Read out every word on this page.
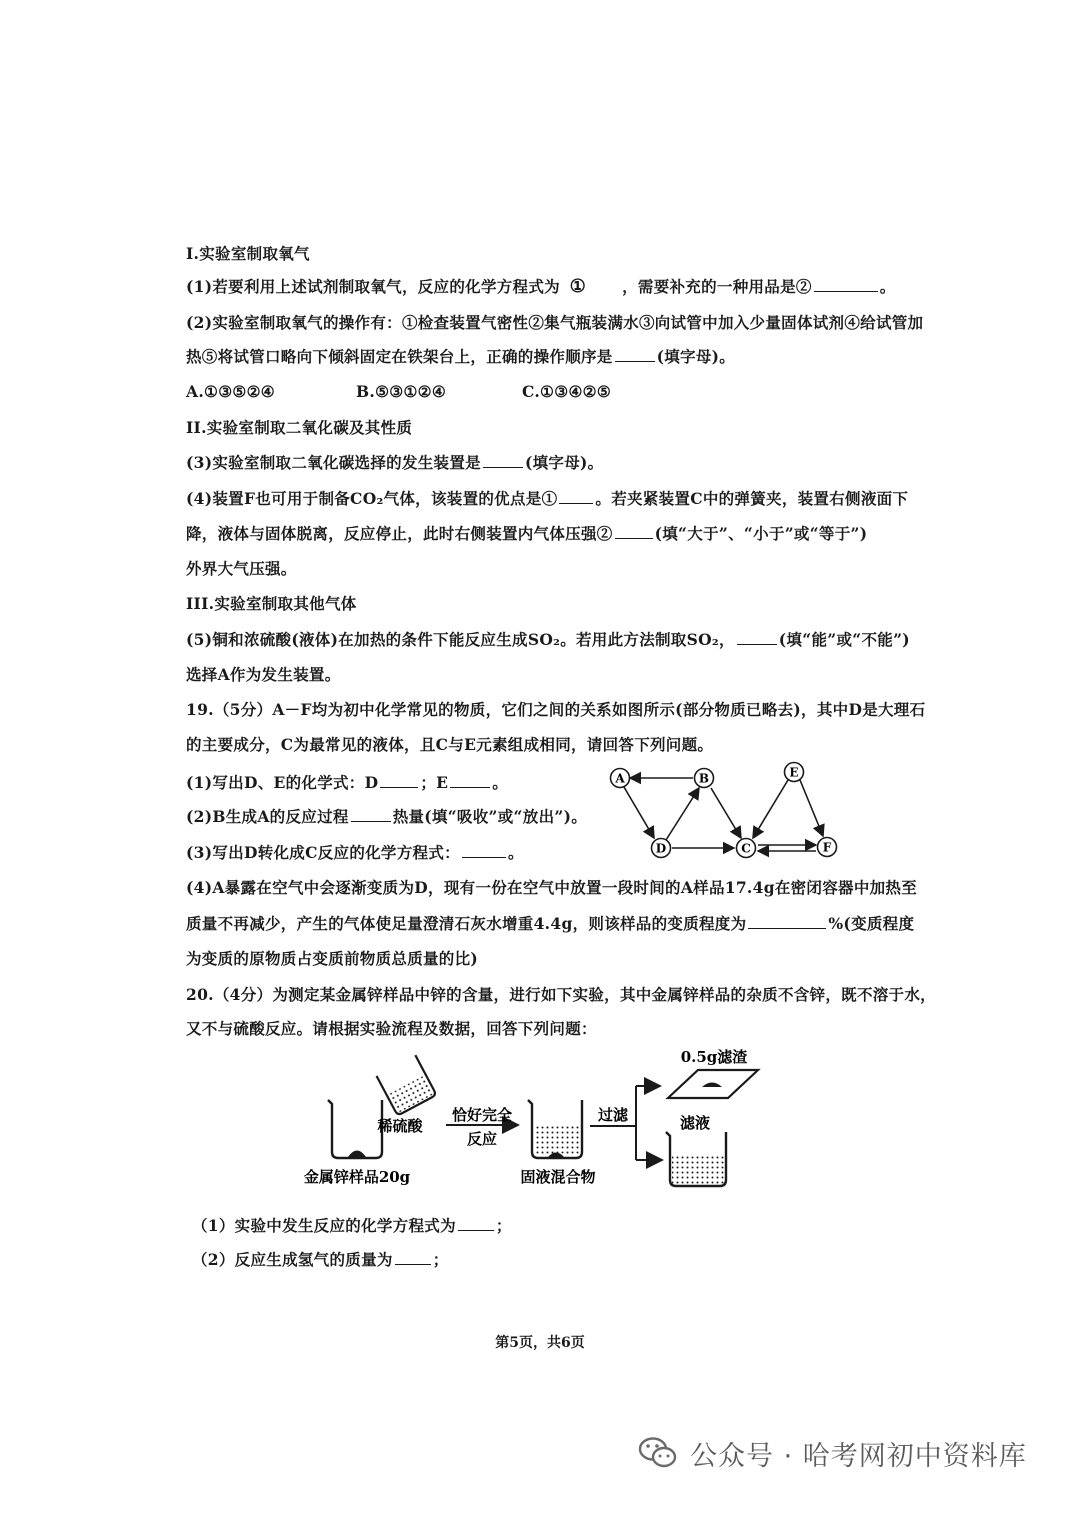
I.实验室制取氧气
(1)若要利用上述试剂制取氧气，反应的化学方程式为 ① ，需要补充的一种用品是②	。
(2)实验室制取氧气的操作有：①检查装置气密性②集气瓶装满水③向试管中加入少量固体试剂④给试管加
热⑤将试管口略向下倾斜固定在铁架台上，正确的操作顺序是	(填字母)。
A.①③⑤②④	B.⑤③①②④	C.①③④②⑤
II.实验室制取二氧化碳及其性质
(3)实验室制取二氧化碳选择的发生装置是	(填字母)。
(4)装置F也可用于制备CO₂气体，该装置的优点是① 。若夹紧装置C中的弹簧夹，装置右侧液面下
降，液体与固体脱离，反应停止，此时右侧装置内气体压强②	(填“大于”、“小于”或“等于”)
外界大气压强。
III.实验室制取其他气体
(5)铜和浓硫酸(液体)在加热的条件下能反应生成SO₂。若用此方法制取SO₂，	(填“能”或“不能”)
选择A作为发生装置。
19.（5分）A－F均为初中化学常见的物质，它们之间的关系如图所示(部分物质已略去)，其中D是大理石
的主要成分，C为最常见的液体，且C与E元素组成相同，请回答下列问题。
(1)写出D、E的化学式：D	；E	。
(2)B生成A的反应过程	热量(填“吸收”或“放出”)。
(3)写出D转化成C反应的化学方程式：	。
A	B
C
D
E
F
(4)A暴露在空气中会逐渐变质为D，现有一份在空气中放置一段时间的A样品17.4g在密闭容器中加热至
质量不再减少，产生的气体使足量澄清石灰水增重4.4g，则该样品的变质程度为	%(变质程度
为变质的原物质占变质前物质总质量的比)
20.（4分）为测定某金属锌样品中锌的含量，进行如下实验，其中金属锌样品的杂质不含锌，既不溶于水，
又不与硫酸反应。请根据实验流程及数据，回答下列问题：
稀硫酸
金属锌样品20g
恰好完全
反应
固液混合物
过滤
0.5g滤渣
滤液
（1）实验中发生反应的化学方程式为	；
（2）反应生成氢气的质量为	；
第5页，共6页
公众号 · 哈考网初中资料库
